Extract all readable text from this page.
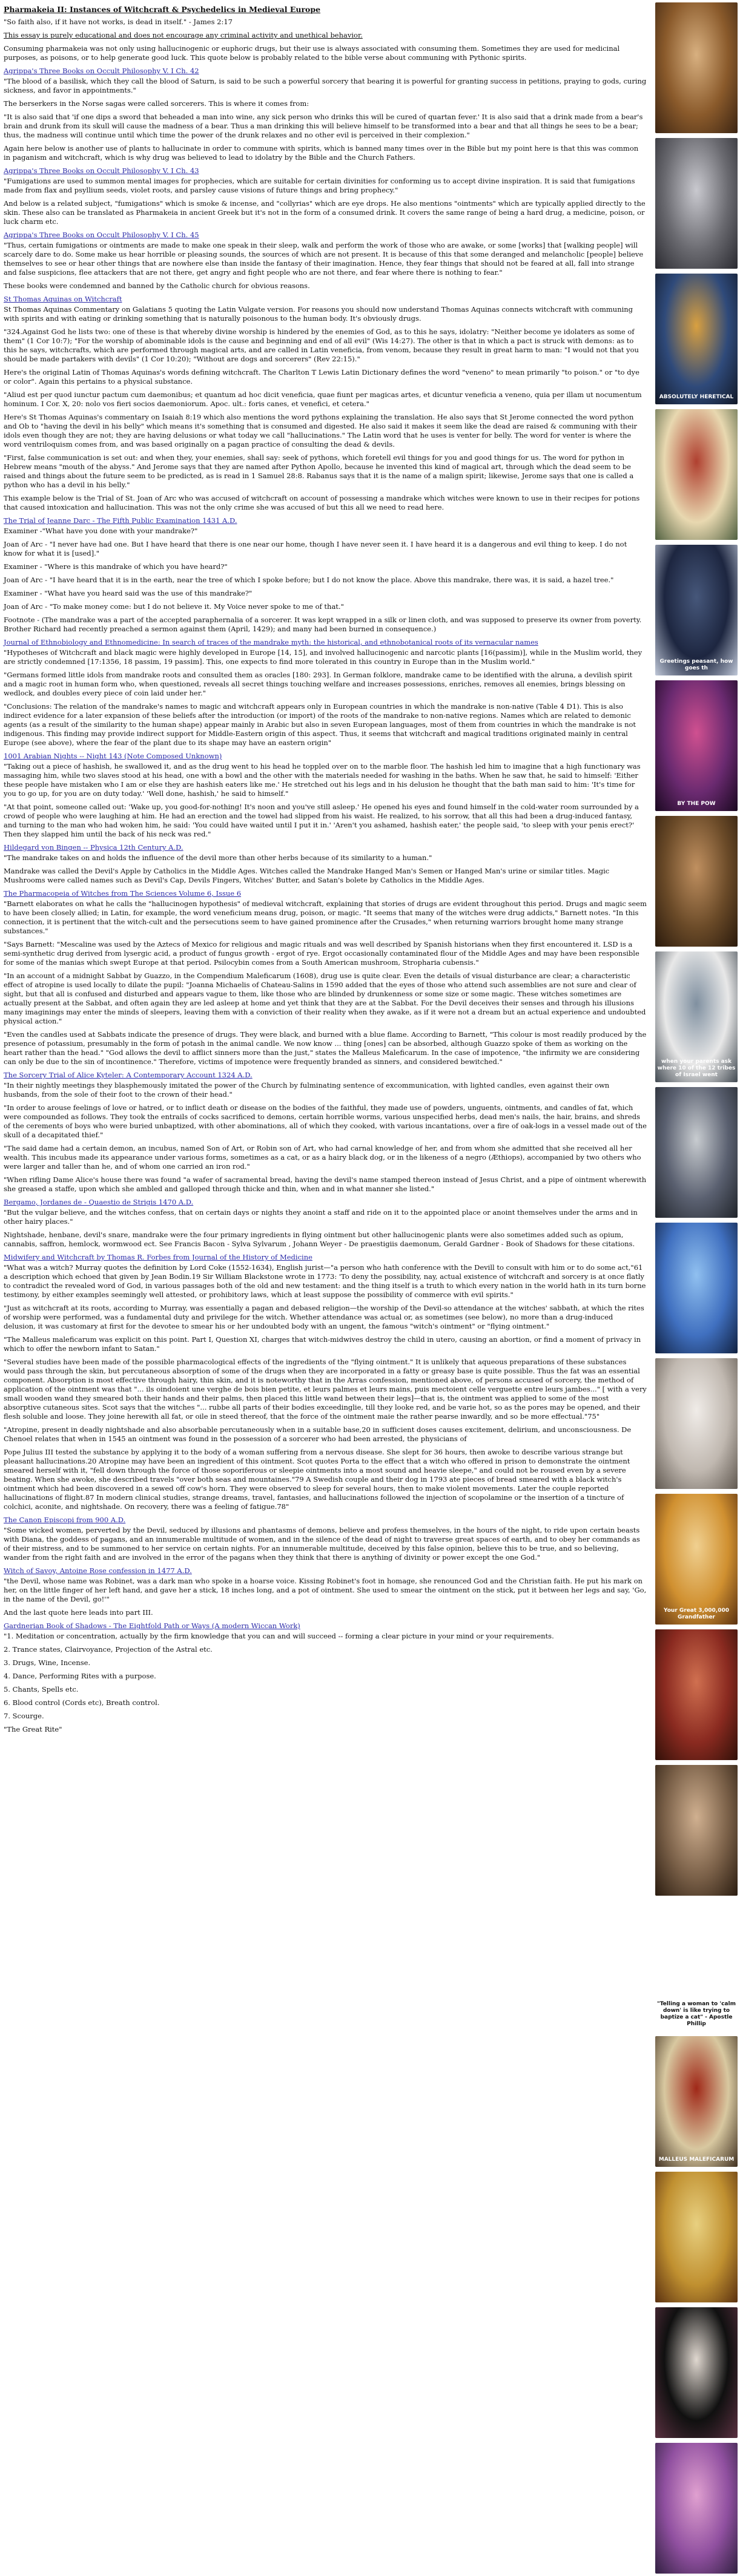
Pharmakeia II: Instances of Witchcraft & Psychedelics in Medieval Europe

"So faith also, if it have not works, is dead in itself." - James 2:17

This essay is purely educational and does not encourage any criminal activity and unethical behavior.

Consuming pharmakeia was not only using hallucinogenic or euphoric drugs, but their use is always associated with consuming them. Sometimes they are used for medicinal purposes, as poisons, or to help generate good luck. This quote below is probably related to the bible verse about communing with Pythonic spirits.

Agrippa's Three Books on Occult Philosophy V. I Ch. 42

"The blood of a basilisk, which they call the blood of Saturn, is said to be such a powerful sorcery that bearing it is powerful for granting success in petitions, praying to gods, curing sickness, and favor in appointments."

The berserkers in the Norse sagas were called sorcerers. This is where it comes from:

"It is also said that 'if one dips a sword that beheaded a man into wine, any sick person who drinks this will be cured of quartan fever.' It is also said that a drink made from a bear's brain and drunk from its skull will cause the madness of a bear. Thus a man drinking this will believe himself to be transformed into a bear and that all things he sees to be a bear; thus, the madness will continue until which time the power of the drunk relaxes and no other evil is perceived in their complexion."

Again here below is another use of plants to hallucinate in order to commune with spirits, which is banned many times over in the Bible but my point here is that this was common in paganism and witchcraft, which is why drug was believed to lead to idolatry by the Bible and the Church Fathers.

Agrippa's Three Books on Occult Philosophy V. I Ch. 43

"Fumigations are used to summon mental images for prophecies, which are suitable for certain divinities for conforming us to accept divine inspiration. It is said that fumigations made from flax and psyllium seeds, violet roots, and parsley cause visions of future things and bring prophecy."

And below is a related subject, "fumigations" which is smoke & incense, and "collyrias" which are eye drops. He also mentions "ointments" which are typically applied directly to the skin. These also can be translated as Pharmakeia in ancient Greek but it's not in the form of a consumed drink. It covers the same range of being a hard drug, a medicine, poison, or luck charm etc.

Agrippa's Three Books on Occult Philosophy V. I Ch. 45

"Thus, certain fumigations or ointments are made to make one speak in their sleep, walk and perform the work of those who are awake, or some [works] that [walking people] will scarcely dare to do. Some make us hear horrible or pleasing sounds, the sources of which are not present. It is because of this that some deranged and melancholic [people] believe themselves to see or hear other things that are nowhere else than inside the fantasy of their imagination. Hence, they fear things that should not be feared at all, fall into strange and false suspicions, flee attackers that are not there, get angry and fight people who are not there, and fear where there is nothing to fear."

These books were condemned and banned by the Catholic church for obvious reasons.

St Thomas Aquinas on Witchcraft

St Thomas Aquinas Commentary on Galatians 5 quoting the Latin Vulgate version. For reasons you should now understand Thomas Aquinas connects witchcraft with communing with spirits and with eating or drinking something that is naturally poisonous to the human body. It's obviously drugs.

"324.Against God he lists two: one of these is that whereby divine worship is hindered by the enemies of God, as to this he says, idolatry: "Neither become ye idolaters as some of them" (1 Cor 10:7); "For the worship of abominable idols is the cause and beginning and end of all evil" (Wis 14:27). The other is that in which a pact is struck with demons: as to this he says, witchcrafts, which are performed through magical arts, and are called in Latin veneficia, from venom, because they result in great harm to man: "I would not that you should be made partakers with devils" (1 Cor 10:20); "Without are dogs and sorcerers" (Rev 22:15)."

Here's the original Latin of Thomas Aquinas's words defining witchcraft. The Charlton T Lewis Latin Dictionary defines the word "veneno" to mean primarily "to poison." or "to dye or color". Again this pertains to a physical substance.

"Aliud est per quod iunctur pactum cum daemonibus; et quantum ad hoc dicit veneficia, quae fiunt per magicas artes, et dicuntur veneficia a veneno, quia per illam ut nocumentum hominum. I Cor. X, 20: nolo vos fieri socios daemoniorum. Apoc. ult.: foris canes, et venefici, et cetera."

Here's St Thomas Aquinas's commentary on Isaiah 8:19 which also mentions the word pythons explaining the translation. He also says that St Jerome connected the word python and Ob to "having the devil in his belly" which means it's something that is consumed and digested. He also said it makes it seem like the dead are raised & communing with their idols even though they are not; they are having delusions or what today we call "hallucinations." The Latin word that he uses is venter for belly. The word for venter is where the word ventriloquism comes from, and was based originally on a pagan practice of consulting the dead & devils.

"First, false communication is set out: and when they, your enemies, shall say: seek of pythons, which foretell evil things for you and good things for us. The word for python in Hebrew means "mouth of the abyss." And Jerome says that they are named after Python Apollo, because he invented this kind of magical art, through which the dead seem to be raised and things about the future seem to be predicted, as is read in 1 Samuel 28:8. Rabanus says that it is the name of a malign spirit; likewise, Jerome says that one is called a python who has a devil in his belly."

This example below is the Trial of St. Joan of Arc who was accused of witchcraft on account of possessing a mandrake which witches were known to use in their recipes for potions that caused intoxication and hallucination. This was not the only crime she was accused of but this all we need to read here.

The Trial of Jeanne Darc - The Fifth Public Examination 1431 A.D.

Examiner -"What have you done with your mandrake?"

Joan of Arc - "I never have had one. But I have heard that there is one near our home, though I have never seen it. I have heard it is a dangerous and evil thing to keep. I do not know for what it is [used]."

Examiner - "Where is this mandrake of which you have heard?"

Joan of Arc - "I have heard that it is in the earth, near the tree of which I spoke before; but I do not know the place. Above this mandrake, there was, it is said, a hazel tree."

Examiner - "What have you heard said was the use of this mandrake?"

Joan of Arc - "To make money come: but I do not believe it. My Voice never spoke to me of that."

Footnote - (The mandrake was a part of the accepted paraphernalia of a sorcerer. It was kept wrapped in a silk or linen cloth, and was supposed to preserve its owner from poverty. Brother Richard had recently preached a sermon against them (April, 1429); and many had been burned in consequence.)

Journal of Ethnobiology and Ethnomedicine: In search of traces of the mandrake myth: the historical, and ethnobotanical roots of its vernacular names

"Hypotheses of Witchcraft and black magic were highly developed in Europe [14, 15], and involved hallucinogenic and narcotic plants [16(passim)], while in the Muslim world, they are strictly condemned [17:1356, 18 passim, 19 passim]. This, one expects to find more tolerated in this country in Europe than in the Muslim world."

"Germans formed little idols from mandrake roots and consulted them as oracles [180: 293]. In German folklore, mandrake came to be identified with the alruna, a devilish spirit and a magic root in human form who, when questioned, reveals all secret things touching welfare and increases possessions, enriches, removes all enemies, brings blessing on wedlock, and doubles every piece of coin laid under her."

"Conclusions: The relation of the mandrake's names to magic and witchcraft appears only in European countries in which the mandrake is non-native (Table 4 D1). This is also indirect evidence for a later expansion of these beliefs after the introduction (or import) of the roots of the mandrake to non-native regions. Names which are related to demonic agents (as a result of the similarity to the human shape) appear mainly in Arabic but also in seven European languages, most of them from countries in which the mandrake is not indigenous. This finding may provide indirect support for Middle-Eastern origin of this aspect. Thus, it seems that witchcraft and magical traditions originated mainly in central Europe (see above), where the fear of the plant due to its shape may have an eastern origin"

1001 Arabian Nights -- Night 143 (Note Composed Unknown)

"Taking out a piece of hashish, he swallowed it, and as the drug went to his head he toppled over on to the marble floor. The hashish led him to imagine that a high functionary was massaging him, while two slaves stood at his head, one with a bowl and the other with the materials needed for washing in the baths. When he saw that, he said to himself: 'Either these people have mistaken who I am or else they are hashish eaters like me.' He stretched out his legs and in his delusion he thought that the bath man said to him: 'It's time for you to go up, for you are on duty today.' 'Well done, hashish,' he said to himself."

"At that point, someone called out: 'Wake up, you good-for-nothing! It's noon and you've still asleep.' He opened his eyes and found himself in the cold-water room surrounded by a crowd of people who were laughing at him. He had an erection and the towel had slipped from his waist. He realized, to his sorrow, that all this had been a drug-induced fantasy, and turning to the man who had woken him, he said: 'You could have waited until I put it in.' 'Aren't you ashamed, hashish eater,' the people said, 'to sleep with your penis erect?' Then they slapped him until the back of his neck was red."

Hildegard von Bingen -- Physica 12th Century A.D.

"The mandrake takes on and holds the influence of the devil more than other herbs because of its similarity to a human."

Mandrake was called the Devil's Apple by Catholics in the Middle Ages. Witches called the Mandrake Hanged Man's Semen or Hanged Man's urine or similar titles. Magic Mushrooms were called names such as Devil's Cap, Devils Fingers, Witches' Butter, and Satan's bolete by Catholics in the Middle Ages.

The Pharmacopeia of Witches from The Sciences Volume 6, Issue 6

"Barnett elaborates on what he calls the "hallucinogen hypothesis" of medieval witchcraft, explaining that stories of drugs are evident throughout this period. Drugs and magic seem to have been closely allied; in Latin, for example, the word veneficium means drug, poison, or magic. "It seems that many of the witches were drug addicts," Barnett notes. "In this connection, it is pertinent that the witch-cult and the persecutions seem to have gained prominence after the Crusades," when returning warriors brought home many strange substances."

"Says Barnett: "Mescaline was used by the Aztecs of Mexico for religious and magic rituals and was well described by Spanish historians when they first encountered it. LSD is a semi-synthetic drug derived from lysergic acid, a product of fungus growth - ergot of rye. Ergot occasionally contaminated flour of the Middle Ages and may have been responsible for some of the manias which swept Europe at that period. Psilocybin comes from a South American mushroom, Stropharia cubensis."

"In an account of a midnight Sabbat by Guazzo, in the Compendium Maleficarum (1608), drug use is quite clear. Even the details of visual disturbance are clear; a characteristic effect of atropine is used locally to dilate the pupil: "Joanna Michaelis of Chateau-Salins in 1590 added that the eyes of those who attend such assemblies are not sure and clear of sight, but that all is confused and disturbed and appears vague to them, like those who are blinded by drunkenness or some size or some magic. These witches sometimes are actually present at the Sabbat, and often again they are led asleep at home and yet think that they are at the Sabbat. For the Devil deceives their senses and through his illusions many imaginings may enter the minds of sleepers, leaving them with a conviction of their reality when they awake, as if it were not a dream but an actual experience and undoubted physical action."

"Even the candles used at Sabbats indicate the presence of drugs. They were black, and burned with a blue flame. According to Barnett, "This colour is most readily produced by the presence of potassium, presumably in the form of potash in the animal candle. We now know ... thing [ones] can be absorbed, although Guazzo spoke of them as working on the heart rather than the head." "God allows the devil to afflict sinners more than the just," states the Malleus Maleficarum. In the case of impotence, "the infirmity we are considering can only be due to the sin of incontinence." Therefore, victims of impotence were frequently branded as sinners, and considered bewitched."

The Sorcery Trial of Alice Kyteler: A Contemporary Account 1324 A.D.

"In their nightly meetings they blasphemously imitated the power of the Church by fulminating sentence of excommunication, with lighted candles, even against their own husbands, from the sole of their foot to the crown of their head."

"In order to arouse feelings of love or hatred, or to inflict death or disease on the bodies of the faithful, they made use of powders, unguents, ointments, and candles of fat, which were compounded as follows. They took the entrails of cocks sacrificed to demons, certain horrible worms, various unspecified herbs, dead men's nails, the hair, brains, and shreds of the cerements of boys who were buried unbaptized, with other abominations, all of which they cooked, with various incantations, over a fire of oak-logs in a vessel made out of the skull of a decapitated thief."

"The said dame had a certain demon, an incubus, named Son of Art, or Robin son of Art, who had carnal knowledge of her, and from whom she admitted that she received all her wealth. This incubus made its appearance under various forms, sometimes as a cat, or as a hairy black dog, or in the likeness of a negro (Æthiops), accompanied by two others who were larger and taller than he, and of whom one carried an iron rod."

"When rifling Dame Alice's house there was found "a wafer of sacramental bread, having the devil's name stamped thereon instead of Jesus Christ, and a pipe of ointment wherewith she greased a staffe, upon which she ambled and galloped through thicke and thin, when and in what manner she listed."

Bergamo, Jordanes de - Quaestio de Strigis 1470 A.D.

"But the vulgar believe, and the witches confess, that on certain days or nights they anoint a staff and ride on it to the appointed place or anoint themselves under the arms and in other hairy places."

Nightshade, henbane, devil's snare, mandrake were the four primary ingredients in flying ointment but other hallucinogenic plants were also sometimes added such as opium, cannabis, saffron, hemlock, wormwood ect. See Francis Bacon - Sylva Sylvarum , Johann Weyer - De praestigiis daemonum, Gerald Gardner - Book of Shadows for these citations.

Midwifery and Witchcraft by Thomas R. Forbes from Journal of the History of Medicine

"What was a witch? Murray quotes the definition by Lord Coke (1552-1634), English jurist—"a person who hath conference with the Devill to consult with him or to do some act,"61 a description which echoed that given by Jean Bodin.19 Sir William Blackstone wrote in 1773: 'To deny the possibility, nay, actual existence of witchcraft and sorcery is at once flatly to contradict the revealed word of God, in various passages both of the old and new testament: and the thing itself is a truth to which every nation in the world hath in its turn borne testimony, by either examples seemingly well attested, or prohibitory laws, which at least suppose the possibility of commerce with evil spirits."

"Just as witchcraft at its roots, according to Murray, was essentially a pagan and debased religion—the worship of the Devil-so attendance at the witches' sabbath, at which the rites of worship were performed, was a fundamental duty and privilege for the witch. Whether attendance was actual or, as sometimes (see below), no more than a drug-induced delusion, it was customary at first for the devotee to smear his or her undoubted body with an ungent, the famous "witch's ointment" or "flying ointment."

"The Malleus maleficarum was explicit on this point. Part I, Question XI, charges that witch-midwives destroy the child in utero, causing an abortion, or find a moment of privacy in which to offer the newborn infant to Satan."

"Several studies have been made of the possible pharmacological effects of the ingredients of the "flying ointment." It is unlikely that aqueous preparations of these substances would pass through the skin, but percutaneous absorption of some of the drugs when they are incorporated in a fatty or greasy base is quite possible. Thus the fat was an essential component. Absorption is most effective through hairy, thin skin, and it is noteworthy that in the Arras confession, mentioned above, of persons accused of sorcery, the method of application of the ointment was that "... ils oindoient une verghe de bois bien petite, et leurs palmes et leurs mains, puis mectoient celle verguette entre leurs jambes..." [ with a very small wooden wand they smeared both their hands and their palms, then placed this little wand between their legs]—that is, the ointment was applied to some of the most absorptive cutaneous sites. Scot says that the witches "... rubbe all parts of their bodies exceedinglie, till they looke red, and be varie hot, so as the pores may be opened, and their flesh soluble and loose. They joine herewith all fat, or oile in steed thereof, that the force of the ointment maie the rather pearse inwardly, and so be more effectual."75"

"Atropine, present in deadly nightshade and also absorbable percutaneously when in a suitable base,20 in sufficient doses causes excitement, delirium, and unconsciousness. De Chenoel relates that when in 1545 an ointment was found in the possession of a sorcerer who had been arrested, the physicians of

Pope Julius III tested the substance by applying it to the body of a woman suffering from a nervous disease. She slept for 36 hours, then awoke to describe various strange but pleasant hallucinations.20 Atropine may have been an ingredient of this ointment. Scot quotes Porta to the effect that a witch who offered in prison to demonstrate the ointment smeared herself with it, "fell down through the force of those soporiferous or sleepie ointments into a most sound and heavie sleepe," and could not be roused even by a severe beating. When she awoke, she described travels "over both seas and mountaines."79 A Swedish couple and their dog in 1793 ate pieces of bread smeared with a black witch's ointment which had been discovered in a sewed off cow's horn. They were observed to sleep for several hours, then to make violent movements. Later the couple reported hallucinations of flight.87 In modern clinical studies, strange dreams, travel, fantasies, and hallucinations followed the injection of scopolamine or the insertion of a tincture of colchici, aconite, and nightshade. On recovery, there was a feeling of fatigue.78"

The Canon Episcopi from 900 A.D.

"Some wicked women, perverted by the Devil, seduced by illusions and phantasms of demons, believe and profess themselves, in the hours of the night, to ride upon certain beasts with Diana, the goddess of pagans, and an innumerable multitude of women, and in the silence of the dead of night to traverse great spaces of earth, and to obey her commands as of their mistress, and to be summoned to her service on certain nights. For an innumerable multitude, deceived by this false opinion, believe this to be true, and so believing, wander from the right faith and are involved in the error of the pagans when they think that there is anything of divinity or power except the one God."

Witch of Savoy, Antoine Rose confession in 1477 A.D.

"the Devil, whose name was Robinet, was a dark man who spoke in a hoarse voice. Kissing Robinet's foot in homage, she renounced God and the Christian faith. He put his mark on her, on the little finger of her left hand, and gave her a stick, 18 inches long, and a pot of ointment. She used to smear the ointment on the stick, put it between her legs and say, 'Go, in the name of the Devil, go!'"

And the last quote here leads into part III.

Gardnerian Book of Shadows - The Eightfold Path or Ways (A modern Wiccan Work)
"1. Meditation or concentration, actually by the firm knowledge that you can and will succeed -- forming a clear picture in your mind or your requirements.
2. Trance states, Clairvoyance, Projection of the Astral etc.
3. Drugs, Wine, Incense.
4. Dance, Performing Rites with a purpose.
5. Chants, Spells etc.
6. Blood control (Cords etc), Breath control.
7. Scourge.
"The Great Rite"
ABSOLUTELY HERETICAL
Greetings peasant, how goes th
BY THE POW
when your parents ask where 10 of the 12 tribes of Israel went
Your Great 3,000,000 Grandfather
"Telling a woman to 'calm down' is like trying to baptize a cat" - Apostle Phillip
MALLEUS MALEFICARUM
